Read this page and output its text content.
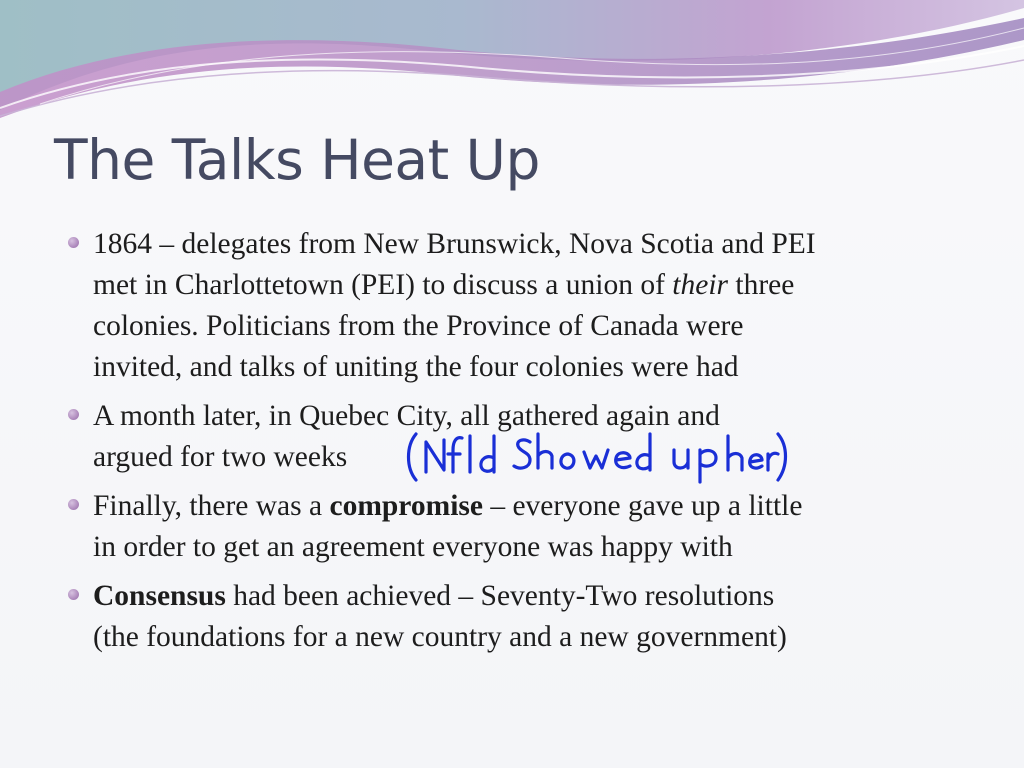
The Talks Heat Up
1864 – delegates from New Brunswick, Nova Scotia and PEI
met in Charlottetown (PEI) to discuss a union of their three
colonies. Politicians from the Province of Canada were
invited, and talks of uniting the four colonies were had
A month later, in Quebec City, all gathered again and
argued for two weeks
Finally, there was a compromise – everyone gave up a little
in order to get an agreement everyone was happy with
Consensus had been achieved – Seventy-Two resolutions
(the foundations for a new country and a new government)
